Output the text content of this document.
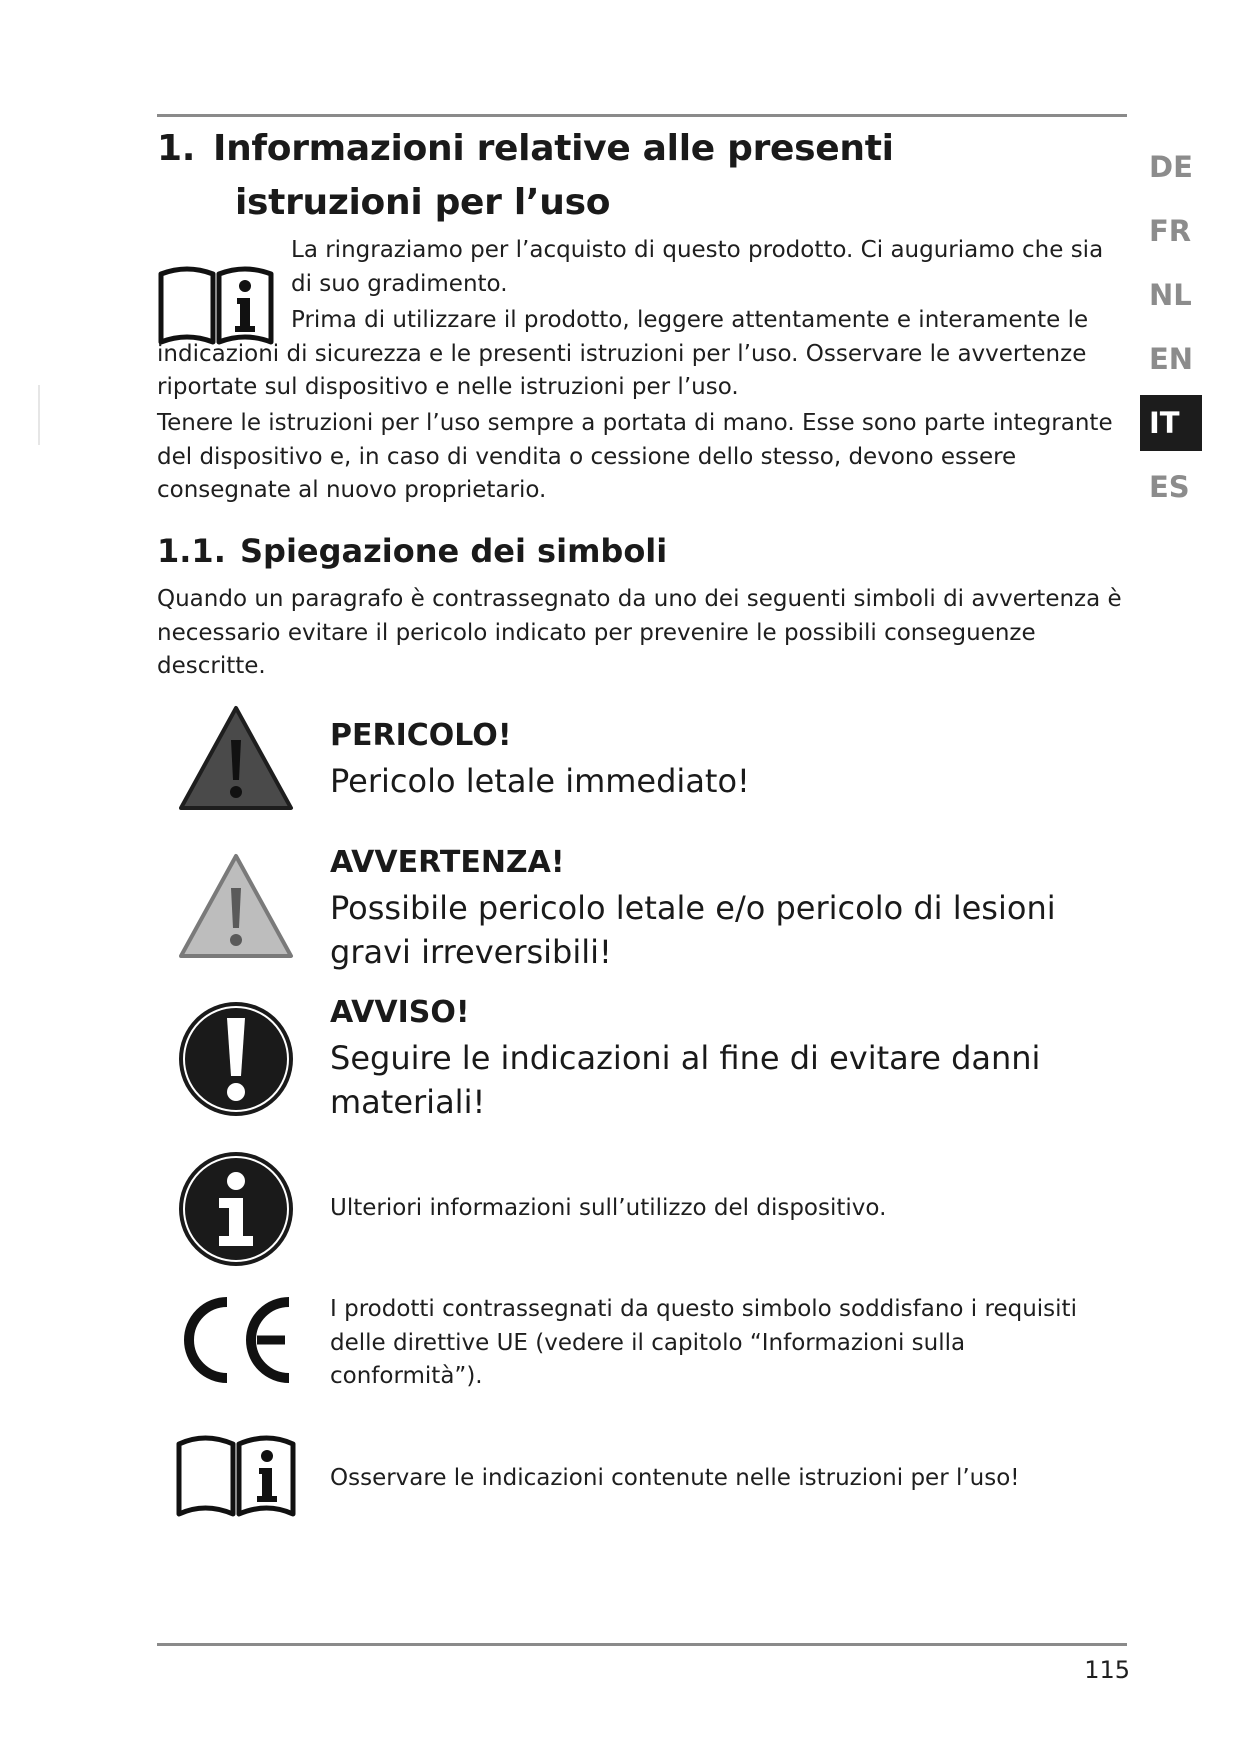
1. Informazioni relative alle presenti
istruzioni per l’uso

La ringraziamo per l’acquisto di questo prodotto. Ci auguriamo che sia di suo gradimento.

Prima di utilizzare il prodotto, leggere attentamente e interamente le indicazioni di sicurezza e le presenti istruzioni per l’uso. Osservare le avvertenze riportate sul dispositivo e nelle istruzioni per l’uso.

Tenere le istruzioni per l’uso sempre a portata di mano. Esse sono parte integrante del dispositivo e, in caso di vendita o cessione dello stesso, devono essere consegnate al nuovo proprietario.

1.1. Spiegazione dei simboli

Quando un paragrafo è contrassegnato da uno dei seguenti simboli di avvertenza è necessario evitare il pericolo indicato per prevenire le possibili conseguenze descritte.

PERICOLO!
Pericolo letale immediato!
AVVERTENZA!
Possibile pericolo letale e/o pericolo di lesioni gravi irreversibili!
AVVISO!
Seguire le indicazioni al fine di evitare danni materiali!

Ulteriori informazioni sull’utilizzo del dispositivo.

I prodotti contrassegnati da questo simbolo soddisfano i requisiti delle direttive UE (vedere il capitolo “Informazioni sulla conformità”).

Osservare le indicazioni contenute nelle istruzioni per l’uso!

DE
FR
NL
EN
IT
ES
115
